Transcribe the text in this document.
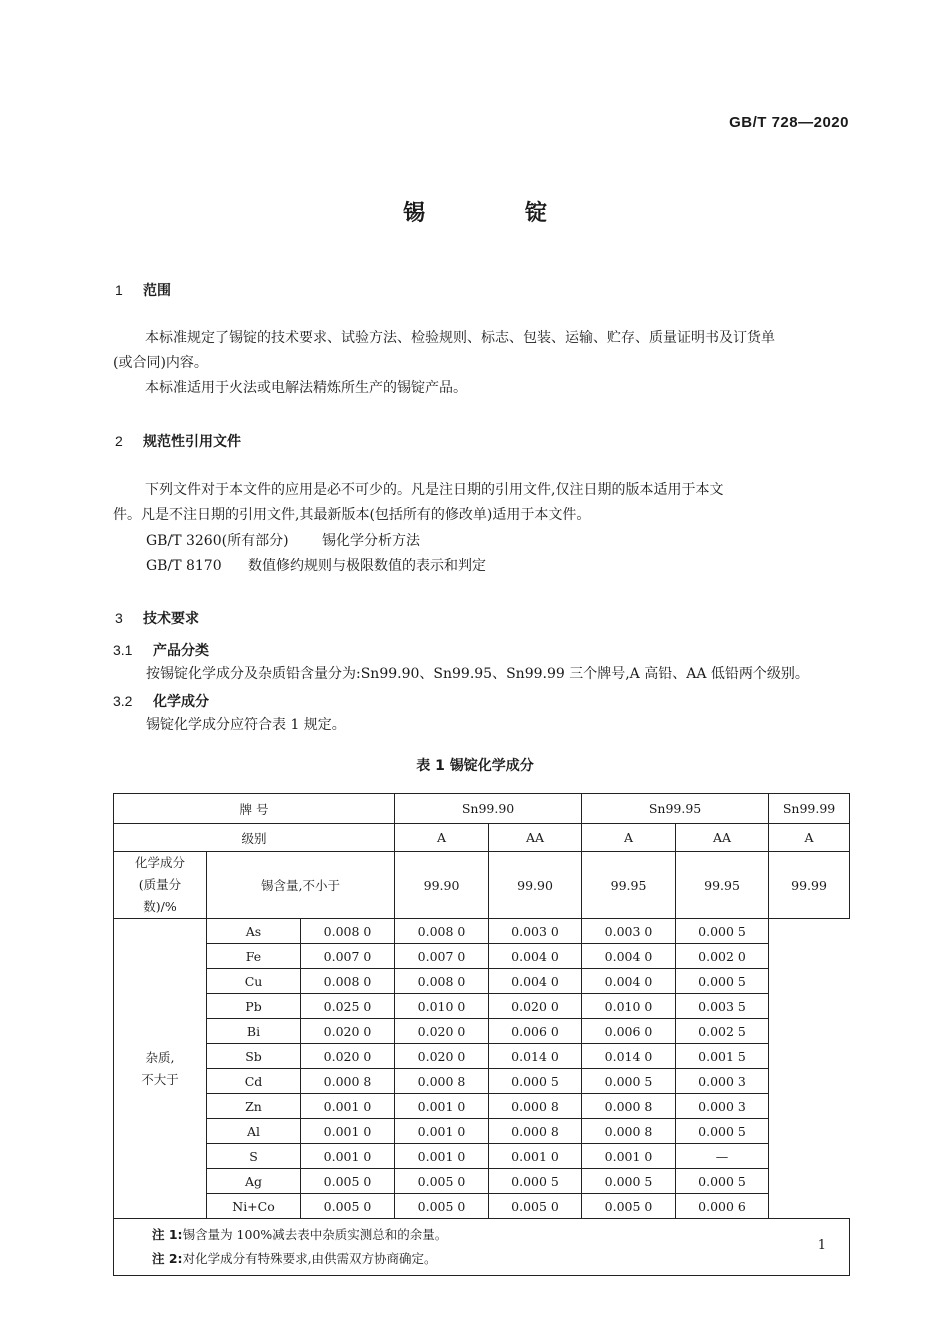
GB/T 728—2020
锡	锭
1 范围

本标准规定了锡锭的技术要求、试验方法、检验规则、标志、包装、运输、贮存、质量证明书及订货单

(或合同)内容。

本标准适用于火法或电解法精炼所生产的锡锭产品。

2 规范性引用文件

下列文件对于本文件的应用是必不可少的。凡是注日期的引用文件,仅注日期的版本适用于本文

件。凡是不注日期的引用文件,其最新版本(包括所有的修改单)适用于本文件。

GB/T 3260(所有部分) 锡化学分析方法
GB/T 8170 数值修约规则与极限数值的表示和判定
3 技术要求
3.1 产品分类
按锡锭化学成分及杂质铅含量分为:Sn99.90、Sn99.95、Sn99.99 三个牌号,A 高铅、AA 低铅两个级别。
3.2 化学成分
锡锭化学成分应符合表 1 规定。
表 1 锡锭化学成分
牌 号			Sn99.90		Sn99.95		Sn99.99
级别			A	AA	A	AA	A

化学成分
(质量分
数)/%	锡含量,不小于		99.90	99.90	99.95	99.95	99.99

杂质,
不大于	As	0.008 0	0.008 0	0.003 0	0.003 0	0.000 5	
	Fe	0.007 0	0.007 0	0.004 0	0.004 0	0.002 0	
	Cu	0.008 0	0.008 0	0.004 0	0.004 0	0.000 5	
	Pb	0.025 0	0.010 0	0.020 0	0.010 0	0.003 5	
	Bi	0.020 0	0.020 0	0.006 0	0.006 0	0.002 5	
	Sb	0.020 0	0.020 0	0.014 0	0.014 0	0.001 5	
	Cd	0.000 8	0.000 8	0.000 5	0.000 5	0.000 3	
	Zn	0.001 0	0.001 0	0.000 8	0.000 8	0.000 3	
	Al	0.001 0	0.001 0	0.000 8	0.000 8	0.000 5	
	S	0.001 0	0.001 0	0.001 0	0.001 0	—	
	Ag	0.005 0	0.005 0	0.000 5	0.000 5	0.000 5	
	Ni+Co	0.005 0	0.005 0	0.005 0	0.005 0	0.000 6	

注 1:锡含量为 100%减去表中杂质实测总和的余量。
注 2:对化学成分有特殊要求,由供需双方协商确定。							
1
